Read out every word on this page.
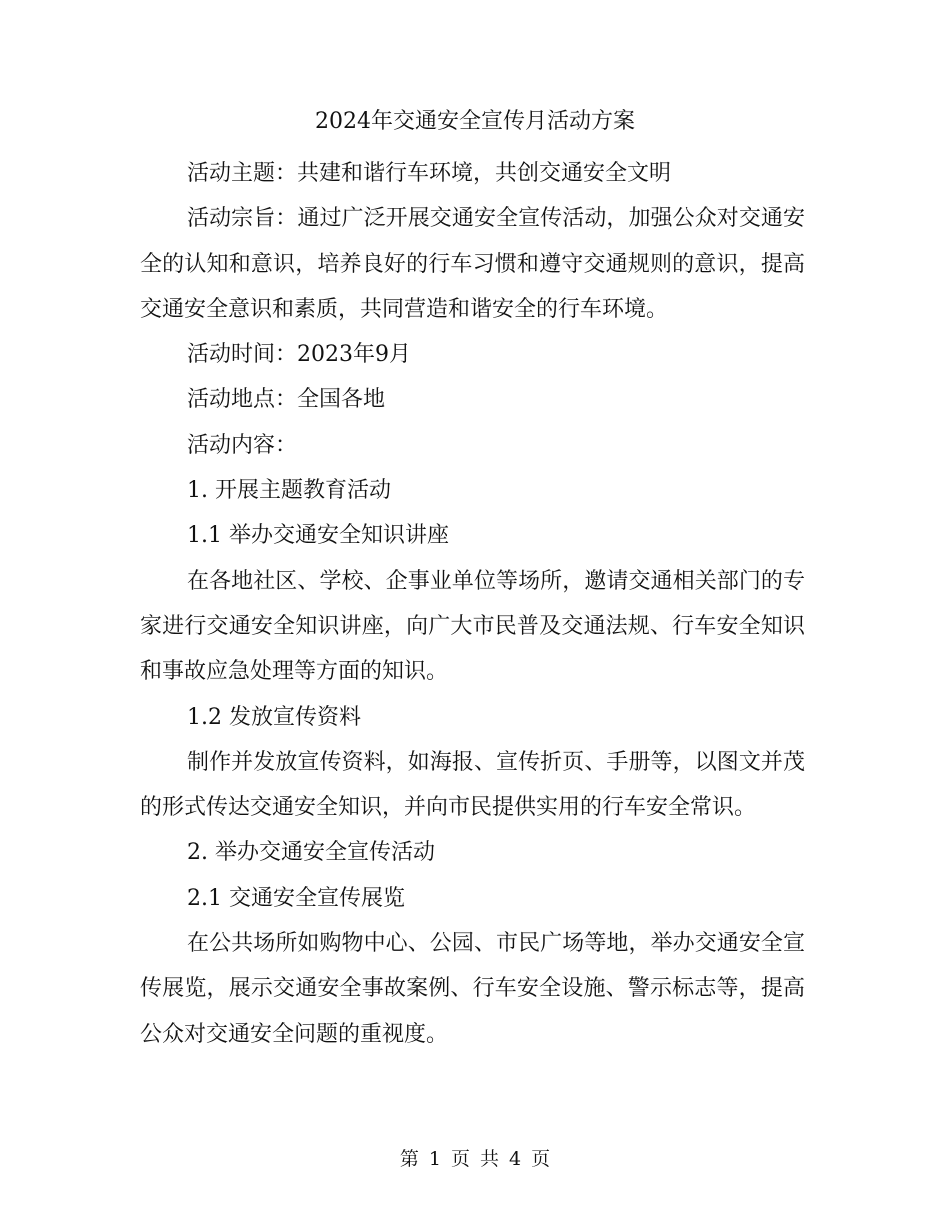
2024年交通安全宣传月活动方案

活动主题：共建和谐行车环境，共创交通安全文明

活动宗旨：通过广泛开展交通安全宣传活动，加强公众对交通安全的认知和意识，培养良好的行车习惯和遵守交通规则的意识，提高交通安全意识和素质，共同营造和谐安全的行车环境。

活动时间：2023年9月

活动地点：全国各地

活动内容：

1. 开展主题教育活动

1.1 举办交通安全知识讲座

在各地社区、学校、企事业单位等场所，邀请交通相关部门的专家进行交通安全知识讲座，向广大市民普及交通法规、行车安全知识和事故应急处理等方面的知识。

1.2 发放宣传资料

制作并发放宣传资料，如海报、宣传折页、手册等，以图文并茂的形式传达交通安全知识，并向市民提供实用的行车安全常识。

2. 举办交通安全宣传活动

2.1 交通安全宣传展览

在公共场所如购物中心、公园、市民广场等地，举办交通安全宣传展览，展示交通安全事故案例、行车安全设施、警示标志等，提高公众对交通安全问题的重视度。

第 1 页 共 4 页
